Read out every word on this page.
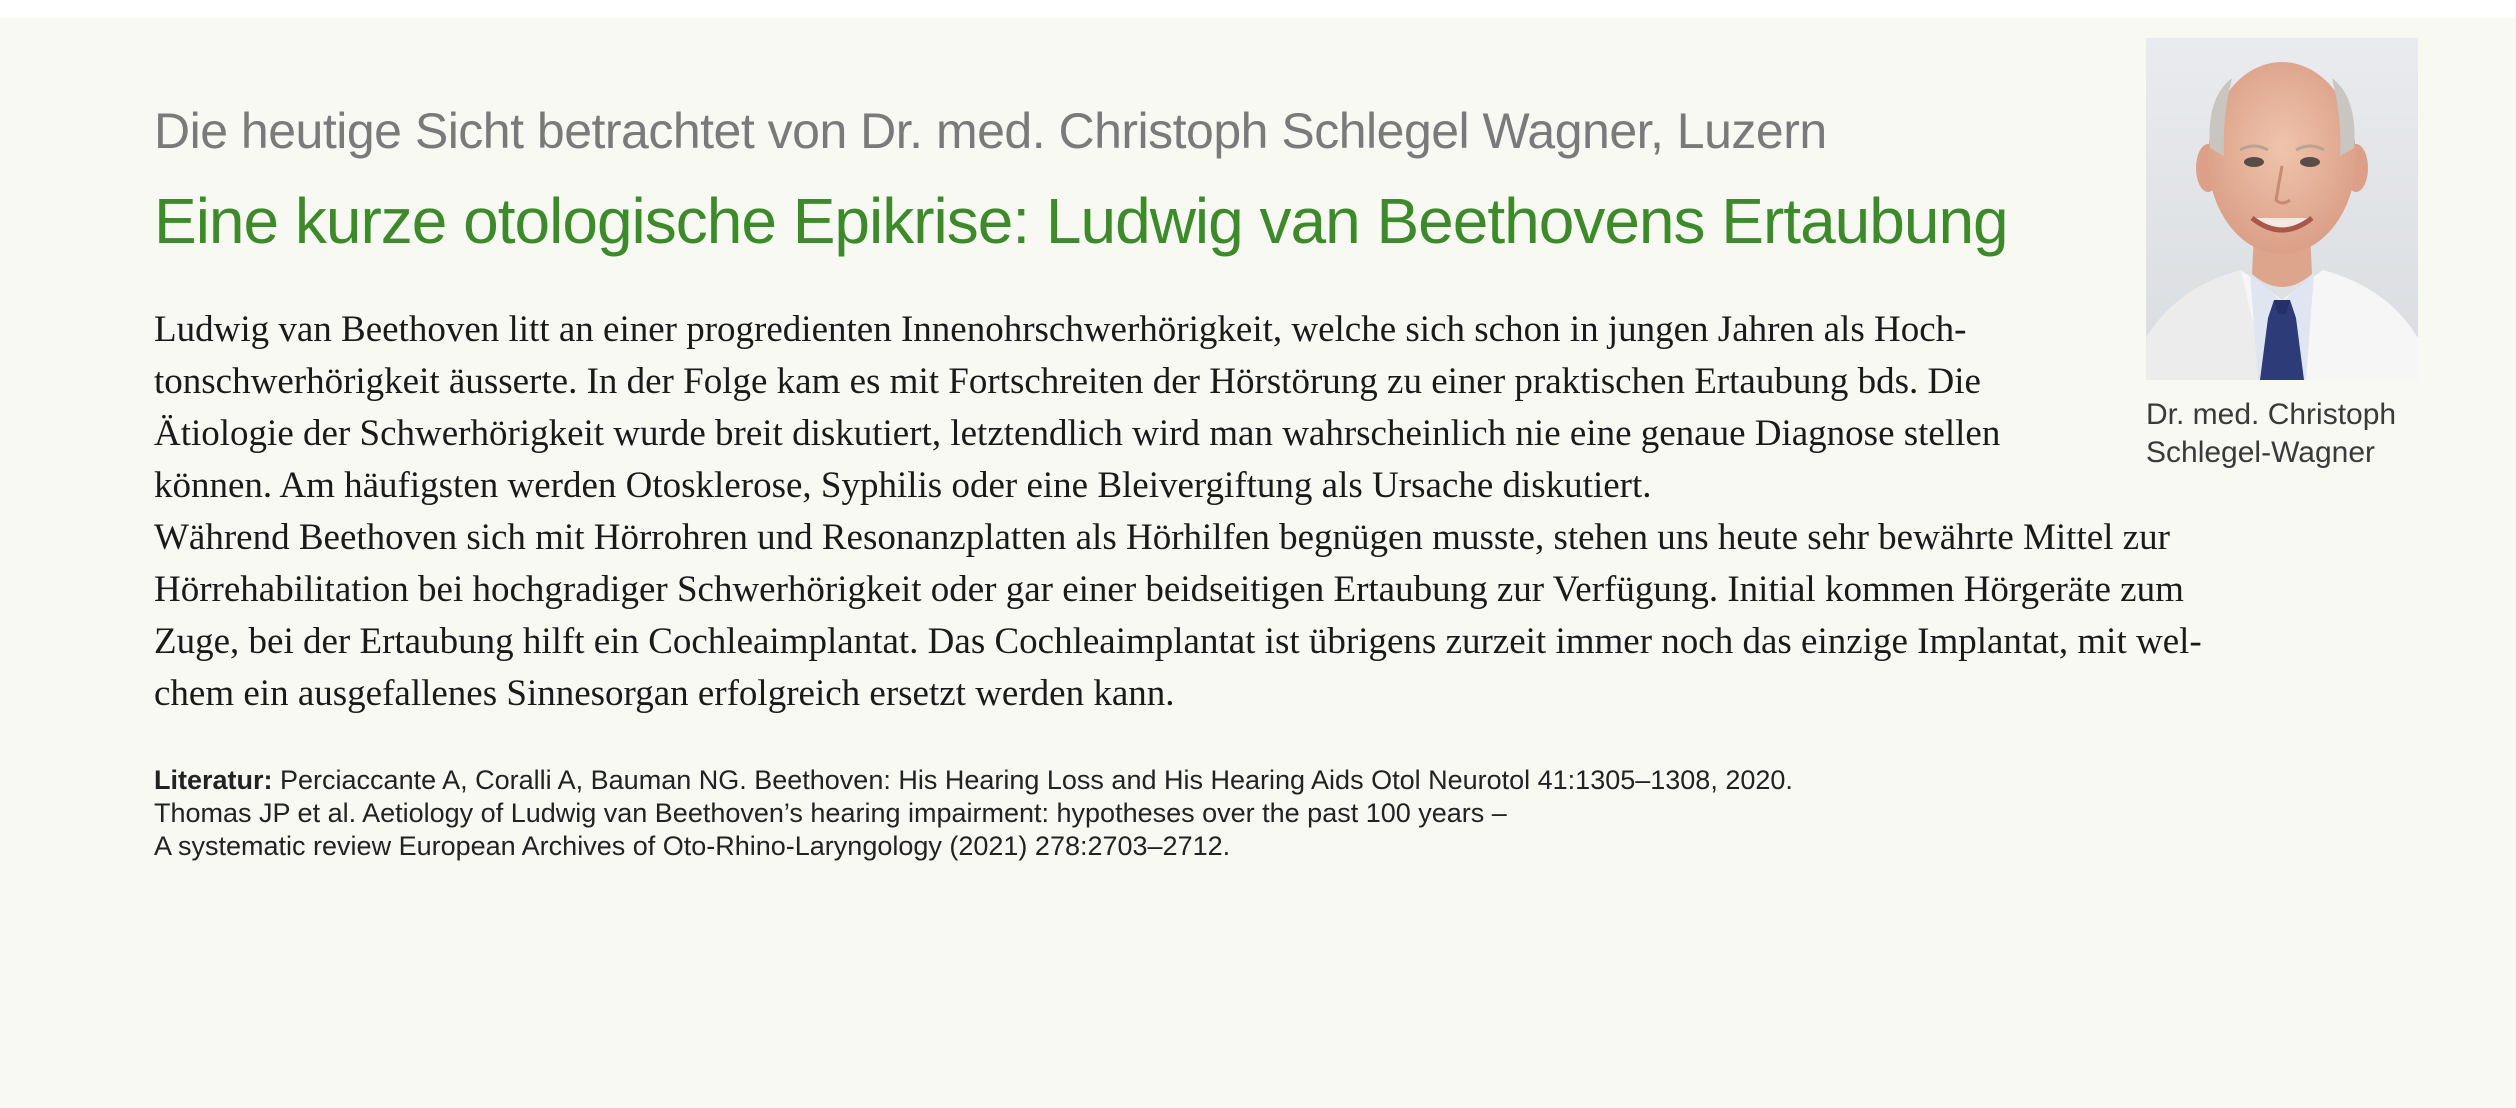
Die heutige Sicht betrachtet von Dr. med. Christoph Schlegel Wagner, Luzern
Eine kurze otologische Epikrise: Ludwig van Beethovens Ertaubung
Ludwig van Beethoven litt an einer progredienten Innenohrschwerhörigkeit, welche sich schon in jungen Jahren als Hoch-
tonschwerhörigkeit äusserte. In der Folge kam es mit Fortschreiten der Hörstörung zu einer praktischen Ertaubung bds. Die
Ätiologie der Schwerhörigkeit wurde breit diskutiert, letztendlich wird man wahrscheinlich nie eine genaue Diagnose stellen
können. Am häufigsten werden Otosklerose, Syphilis oder eine Bleivergiftung als Ursache diskutiert.
Während Beethoven sich mit Hörrohren und Resonanzplatten als Hörhilfen begnügen musste, stehen uns heute sehr bewährte Mittel zur
Hörrehabilitation bei hochgradiger Schwerhörigkeit oder gar einer beidseitigen Ertaubung zur Verfügung. Initial kommen Hörgeräte zum
Zuge, bei der Ertaubung hilft ein Cochleaimplantat. Das Cochleaimplantat ist übrigens zurzeit immer noch das einzige Implantat, mit wel-
chem ein ausgefallenes Sinnesorgan erfolgreich ersetzt werden kann.
Dr. med. Christoph
Schlegel-Wagner
Literatur: Perciaccante A, Coralli A, Bauman NG. Beethoven: His Hearing Loss and His Hearing Aids Otol Neurotol 41:1305–1308, 2020.
Thomas JP et al. Aetiology of Ludwig van Beethoven’s hearing impairment: hypotheses over the past 100 years –
A systematic review European Archives of Oto-Rhino-Laryngology (2021) 278:2703–2712.
